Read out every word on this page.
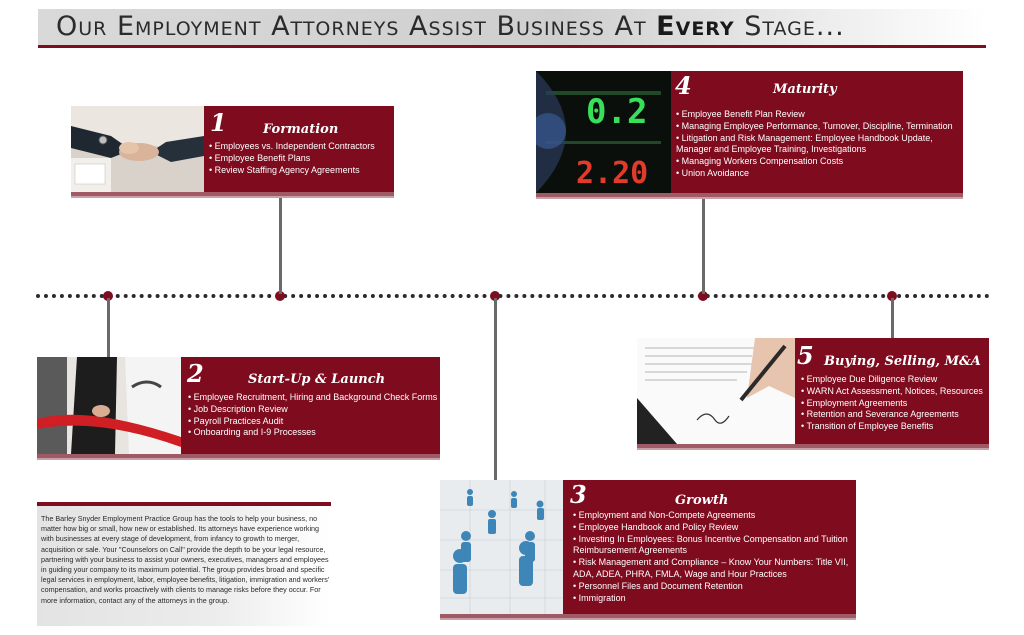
Our Employment Attorneys Assist Business At Every Stage...
1	Formation
• Employees vs. Independent Contractors
• Employee Benefit Plans
• Review Staffing Agency Agreements
0.2
2.20
4	Maturity
• Employee Benefit Plan Review
• Managing Employee Performance, Turnover, Discipline, Termination
• Litigation and Risk Management: Employee Handbook Update, Manager and Employee Training, Investigations
• Managing Workers Compensation Costs
• Union Avoidance
2	Start-Up & Launch
• Employee Recruitment, Hiring and Background Check Forms
• Job Description Review
• Payroll Practices Audit
• Onboarding and I-9 Processes
5 Buying, Selling, M&A
• Employee Due Diligence Review
• WARN Act Assessment, Notices, Resources
• Employment Agreements
• Retention and Severance Agreements
• Transition of Employee Benefits
3	Growth
• Employment and Non-Compete Agreements
• Employee Handbook and Policy Review
• Investing In Employees: Bonus Incentive Compensation and Tuition Reimbursement Agreements
• Risk Management and Compliance – Know Your Numbers: Title VII, ADA, ADEA, PHRA, FMLA, Wage and Hour Practices
• Personnel Files and Document Retention
• Immigration

The Barley Snyder Employment Practice Group has the tools to help your business, no matter how big or small, how new or established. Its attorneys have experience working with businesses at every stage of development, from infancy to growth to merger, acquisition or sale. Your "Counselors on Call" provide the depth to be your legal resource, partnering with your business to assist your owners, executives, managers and employees in guiding your company to its maximum potential. The group provides broad and specific legal services in employment, labor, employee benefits, litigation, immigration and workers' compensation, and works proactively with clients to manage risks before they occur. For more information, contact any of the attorneys in the group.
